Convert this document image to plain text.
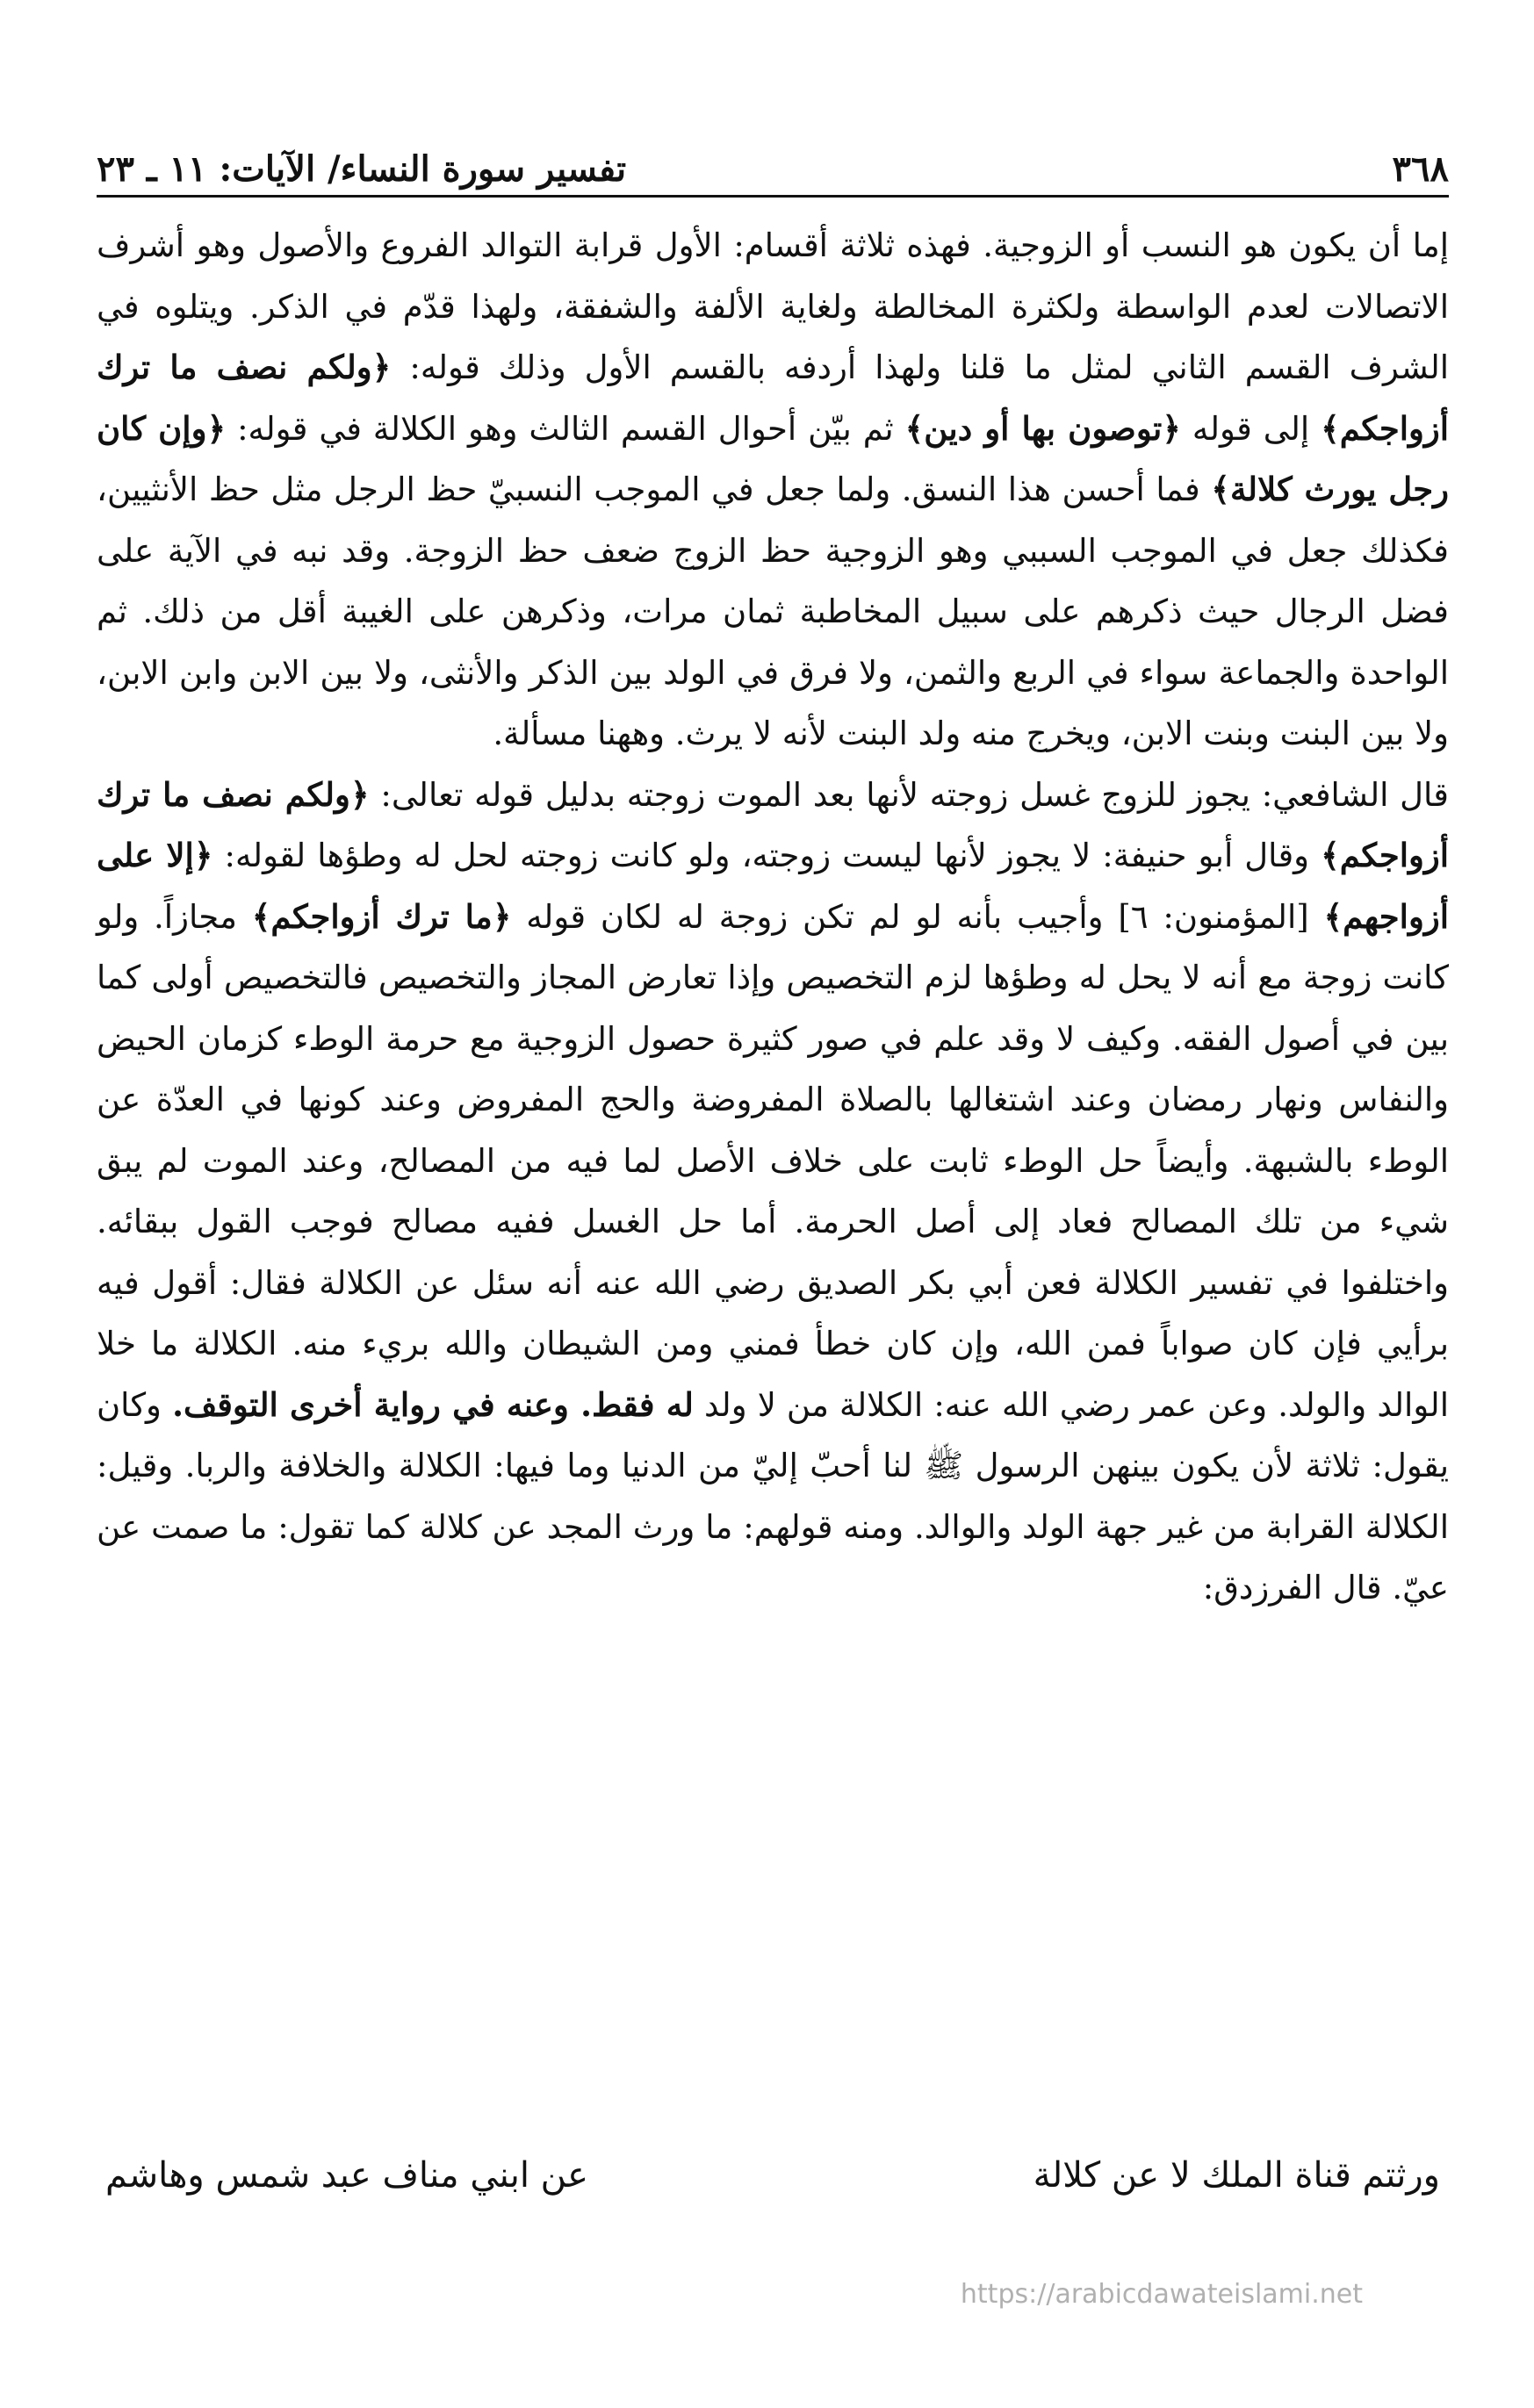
٣٦٨
تفسير سورة النساء/ الآيات: ١١ ـ ٢٣

إما أن يكون هو النسب أو الزوجية. فهذه ثلاثة أقسام: الأول قرابة التوالد الفروع والأصول وهو أشرف الاتصالات لعدم الواسطة ولكثرة المخالطة ولغاية الألفة والشفقة، ولهذا قدّم في الذكر. ويتلوه في الشرف القسم الثاني لمثل ما قلنا ولهذا أردفه بالقسم الأول وذلك قوله: ﴿ولكم نصف ما ترك أزواجكم﴾ إلى قوله ﴿توصون بها أو دين﴾ ثم بيّن أحوال القسم الثالث وهو الكلالة في قوله: ﴿وإن كان رجل يورث كلالة﴾ فما أحسن هذا النسق. ولما جعل في الموجب النسبيّ حظ الرجل مثل حظ الأنثيين، فكذلك جعل في الموجب السببي وهو الزوجية حظ الزوج ضعف حظ الزوجة. وقد نبه في الآية على فضل الرجال حيث ذكرهم على سبيل المخاطبة ثمان مرات، وذكرهن على الغيبة أقل من ذلك. ثم الواحدة والجماعة سواء في الربع والثمن، ولا فرق في الولد بين الذكر والأنثى، ولا بين الابن وابن الابن، ولا بين البنت وبنت الابن، ويخرج منه ولد البنت لأنه لا يرث. وههنا مسألة.

قال الشافعي: يجوز للزوج غسل زوجته لأنها بعد الموت زوجته بدليل قوله تعالى: ﴿ولكم نصف ما ترك أزواجكم﴾ وقال أبو حنيفة: لا يجوز لأنها ليست زوجته، ولو كانت زوجته لحل له وطؤها لقوله: ﴿إلا على أزواجهم﴾ [المؤمنون: ٦] وأجيب بأنه لو لم تكن زوجة له لكان قوله ﴿ما ترك أزواجكم﴾ مجازاً. ولو كانت زوجة مع أنه لا يحل له وطؤها لزم التخصيص وإذا تعارض المجاز والتخصيص فالتخصيص أولى كما بين في أصول الفقه. وكيف لا وقد علم في صور كثيرة حصول الزوجية مع حرمة الوطء كزمان الحيض والنفاس ونهار رمضان وعند اشتغالها بالصلاة المفروضة والحج المفروض وعند كونها في العدّة عن الوطء بالشبهة. وأيضاً حل الوطء ثابت على خلاف الأصل لما فيه من المصالح، وعند الموت لم يبق شيء من تلك المصالح فعاد إلى أصل الحرمة. أما حل الغسل ففيه مصالح فوجب القول ببقائه. واختلفوا في تفسير الكلالة فعن أبي بكر الصديق رضي الله عنه أنه سئل عن الكلالة فقال: أقول فيه برأيي فإن كان صواباً فمن الله، وإن كان خطأ فمني ومن الشيطان والله بريء منه. الكلالة ما خلا الوالد والولد. وعن عمر رضي الله عنه: الكلالة من لا ولد له فقط. وعنه في رواية أخرى التوقف. وكان يقول: ثلاثة لأن يكون بينهن الرسول ﷺ لنا أحبّ إليّ من الدنيا وما فيها: الكلالة والخلافة والربا. وقيل: الكلالة القرابة من غير جهة الولد والوالد. ومنه قولهم: ما ورث المجد عن كلالة كما تقول: ما صمت عن عيّ. قال الفرزدق:

ورثتم قناة الملك لا عن كلالة
عن ابني مناف عبد شمس وهاشم
https://arabicdawateislami.net
